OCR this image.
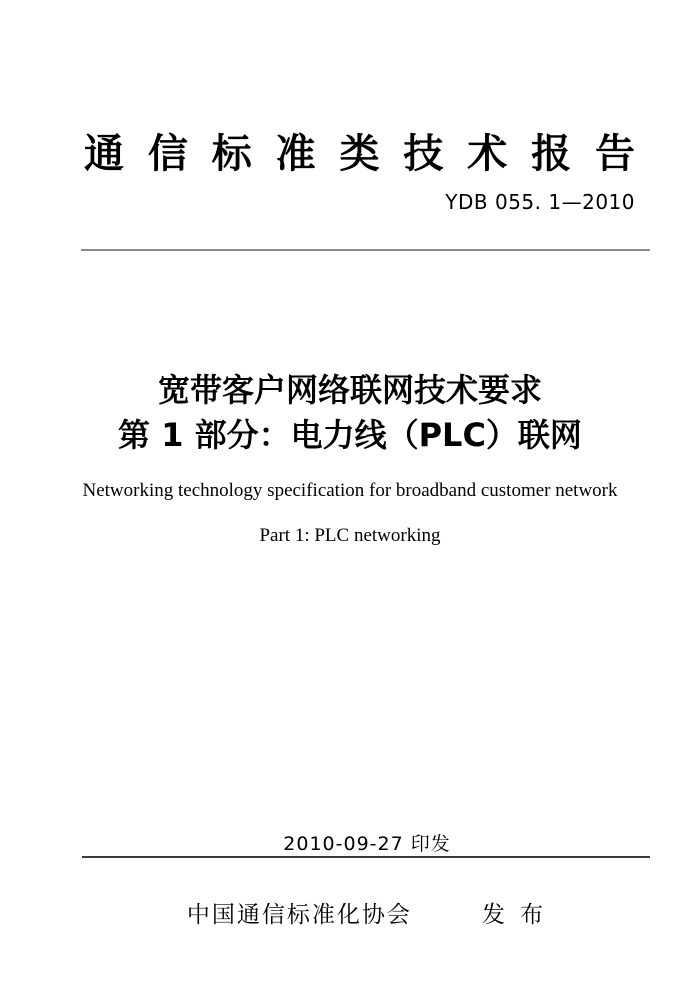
通 信 标 准 类 技 术 报 告
YDB 055. 1—2010
宽带客户网络联网技术要求
第 1 部分：电力线（PLC）联网
Networking technology specification for broadband customer network
Part 1: PLC networking
2010-09-27 印发
中国通信标准化协会	发 布
